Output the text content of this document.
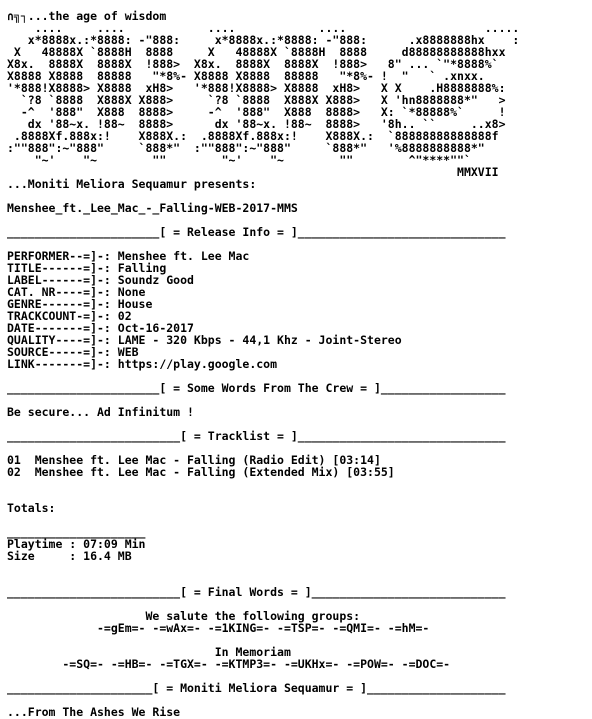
∩╗┐...the age of wisdom
....     ....            ....            ....                    .....
x*8888x.:*8888: -"888:     x*8888x.:*8888: -"888:      .x8888888hx    :
X   48888X `8888H  8888     X   48888X `8888H  8888     d88888888888hxx
X8x.  8888X  8888X  !888>  X8x.  8888X  8888X  !888>   8" ... `"*8888%`
X8888 X8888  88888   "*8%- X8888 X8888  88888   "*8%- !  "   ` .xnxx.
'*888!X8888> X8888  xH8>   '*888!X8888> X8888  xH8>   X X    .H8888888%:
`?8 `8888  X888X X888>     `?8 `8888  X888X X888>   X 'hn8888888*"   >
-^  '888"  X888  8888>     -^  '888"  X888  8888>   X: `*88888%`     !
dx '88~x. !88~  8888>      dx '88~x. !88~  8888>   '8h.. ``     ..x8>
.8888Xf.888x:!    X888X.:  .8888Xf.888x:!    X888X.:  `88888888888888f
:""888":~"888"     `888*"  :""888":~"888"     `888*"   '%8888888888*"
"~'    "~        ""        "~'    "~        ""        ^"****""`
MMXVII
...Moniti Meliora Sequamur presents:

Menshee_ft._Lee_Mac_-_Falling-WEB-2017-MMS

______________________[ = Release Info = ]______________________________

PERFORMER--=]-: Menshee ft. Lee Mac
TITLE------=]-: Falling
LABEL------=]-: Soundz Good
CAT. NR----=]-: None
GENRE------=]-: House
TRACKCOUNT-=]-: 02
DATE-------=]-: Oct-16-2017
QUALITY----=]-: LAME - 320 Kbps - 44,1 Khz - Joint-Stereo
SOURCE-----=]-: WEB
LINK-------=]-: https://play.google.com

______________________[ = Some Words From The Crew = ]__________________

Be secure... Ad Infinitum !

_________________________[ = Tracklist = ]______________________________

01  Menshee ft. Lee Mac - Falling (Radio Edit) [03:14]
02  Menshee ft. Lee Mac - Falling (Extended Mix) [03:55]

Totals:

____________________
Playtime : 07:09 Min
Size     : 16.4 MB

_________________________[ = Final Words = ]____________________________

We salute the following groups:
-=gEm=- -=wAx=- -=1KING=- -=TSP=- -=QMI=- -=hM=-

In Memoriam
-=SQ=- -=HB=- -=TGX=- -=KTMP3=- -=UKHx=- -=POW=- -=DOC=-

_____________________[ = Moniti Meliora Sequamur = ]____________________

...From The Ashes We Rise
